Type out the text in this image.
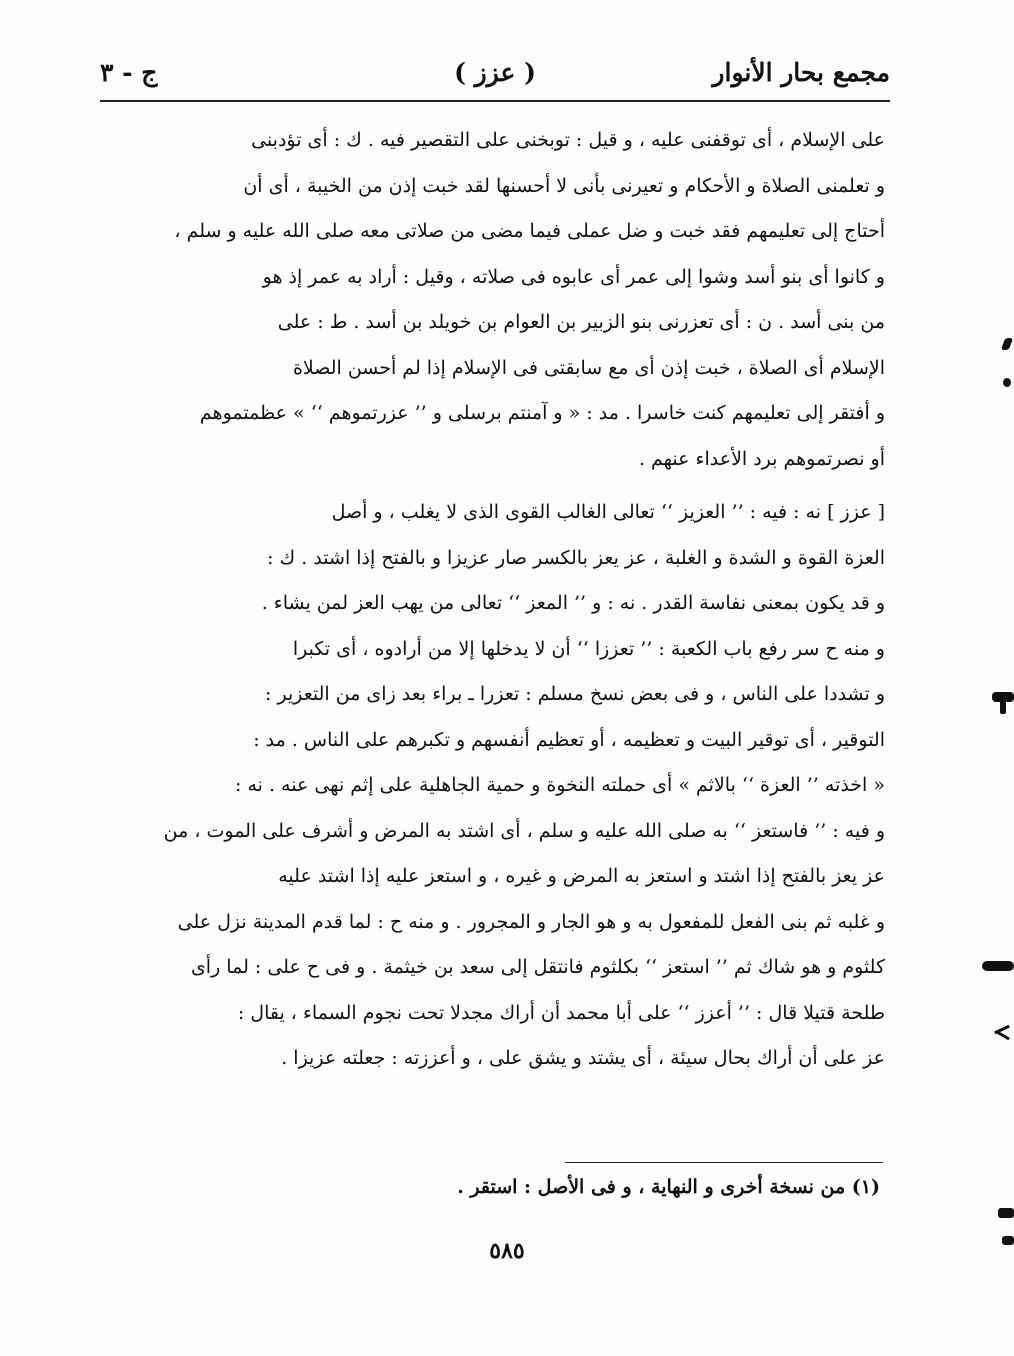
مجمع بحار الأنوار
( عزز )
ج - ٣

على الإسلام ، أى توقفنى عليه ، و قيل : توبخنى على التقصير فيه . ك : أى تؤدبنى
و تعلمنى الصلاة و الأحكام و تعيرنى بأنى لا أحسنها لقد خبت إذن من الخيبة ، أى أن
أحتاج إلى تعليمهم فقد خبت و ضل عملى فيما مضى من صلاتى معه صلى الله عليه و سلم ،
و كانوا أى بنو أسد وشوا إلى عمر أى عابوه فى صلاته ، وقيل : أراد به عمر إذ هو
من بنى أسد . ن : أى تعزرنى بنو الزبير بن العوام بن خويلد بن أسد . ط : على
الإسلام أى الصلاة ، خبت إذن أى مع سابقتى فى الإسلام إذا لم أحسن الصلاة
و أفتقر إلى تعليمهم كنت خاسرا . مد : « و آمنتم برسلى و ’’ عزرتموهم ‘‘ » عظمتموهم
أو نصرتموهم برد الأعداء عنهم .

[ عزز ] نه : فيه : ’’ العزيز ‘‘ تعالى الغالب القوى الذى لا يغلب ، و أصل
العزة القوة و الشدة و الغلبة ، عز يعز بالكسر صار عزيزا و بالفتح إذا اشتد . ك :
و قد يكون بمعنى نفاسة القدر . نه : و ’’ المعز ‘‘ تعالى من يهب العز لمن يشاء .
و منه ح سر رفع باب الكعبة : ’’ تعززا ‘‘ أن لا يدخلها إلا من أرادوه ، أى تكبرا
و تشددا على الناس ، و فى بعض نسخ مسلم : تعزرا ـ براء بعد زاى من التعزير :
التوقير ، أى توقير البيت و تعظيمه ، أو تعظيم أنفسهم و تكبرهم على الناس . مد :
« اخذته ’’ العزة ‘‘ بالاثم » أى حملته النخوة و حمية الجاهلية على إثم نهى عنه . نه :
و فيه : ’’ فاستعز ‘‘ به صلى الله عليه و سلم ، أى اشتد به المرض و أشرف على الموت ، من
عز يعز بالفتح إذا اشتد و استعز به المرض و غيره ، و استعز عليه إذا اشتد عليه
و غلبه ثم بنى الفعل للمفعول به و هو الجار و المجرور . و منه ح : لما قدم المدينة نزل على
كلثوم و هو شاك ثم ’’ استعز ‘‘ بكلثوم فانتقل إلى سعد بن خيثمة . و فى ح على : لما رأى
طلحة قتيلا قال : ’’ أعزز ‘‘ على أبا محمد أن أراك مجدلا تحت نجوم السماء ، يقال :
عز على أن أراك بحال سيئة ، أى يشتد و يشق على ، و أعززته : جعلته عزيزا .

(١) من نسخة أخرى و النهاية ، و فى الأصل : استقر .
٥٨٥
